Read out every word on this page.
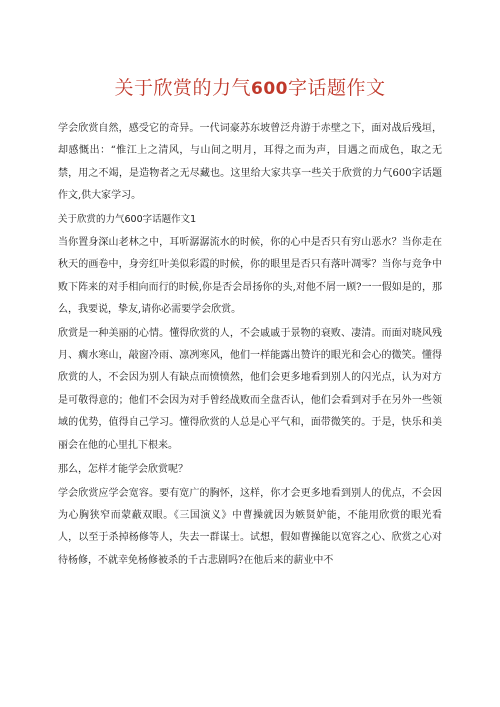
关于欣赏的力气600字话题作文

学会欣赏自然，感受它的奇异。一代词豪苏东坡曾泛舟游于赤壁之下，面对战后残垣，却感慨出：“惟江上之清风，与山间之明月，耳得之而为声，目遇之而成色，取之无禁，用之不竭，是造物者之无尽藏也。这里给大家共享一些关于欣赏的力气600字话题作文,供大家学习。

关于欣赏的力气600字话题作文1

当你置身深山老林之中，耳听潺潺流水的时候，你的心中是否只有穷山恶水？当你走在秋天的画卷中，身旁红叶美似彩霞的时候，你的眼里是否只有落叶凋零？当你与竞争中败下阵来的对手相向而行的时候,你是否会昂扬你的头,对他不屑一顾?一一假如是的，那么，我要说，挚友,请你必需要学会欣赏。

欣赏是一种美丽的心情。懂得欣赏的人，不会戚戚于景物的衰败、凄清。而面对晓风残月、瘸水寒山，敲窗冷雨、凛冽寒风，他们一样能露出赞许的眼光和会心的微笑。懂得欣赏的人，不会因为别人有缺点而愤愤然，他们会更多地看到别人的闪光点，认为对方是可敬得意的；他们不会因为对手曾经战败而全盘否认，他们会看到对手在另外一些领域的优势，值得自己学习。懂得欣赏的人总是心平气和，面带微笑的。于是，快乐和美丽会在他的心里扎下根来。

那么，怎样才能学会欣赏呢？

学会欣赏应学会宽容。要有宽广的胸怀，这样，你才会更多地看到别人的优点，不会因为心胸狭窄而蒙蔽双眼。《三国演义》中曹操就因为嫉贤妒能，不能用欣赏的眼光看人，以至于杀掉杨修等人，失去一群谋士。试想，假如曹操能以宽容之心、欣赏之心对待杨修，不就幸免杨修被杀的千古悲剧吗?在他后来的薪业中不
